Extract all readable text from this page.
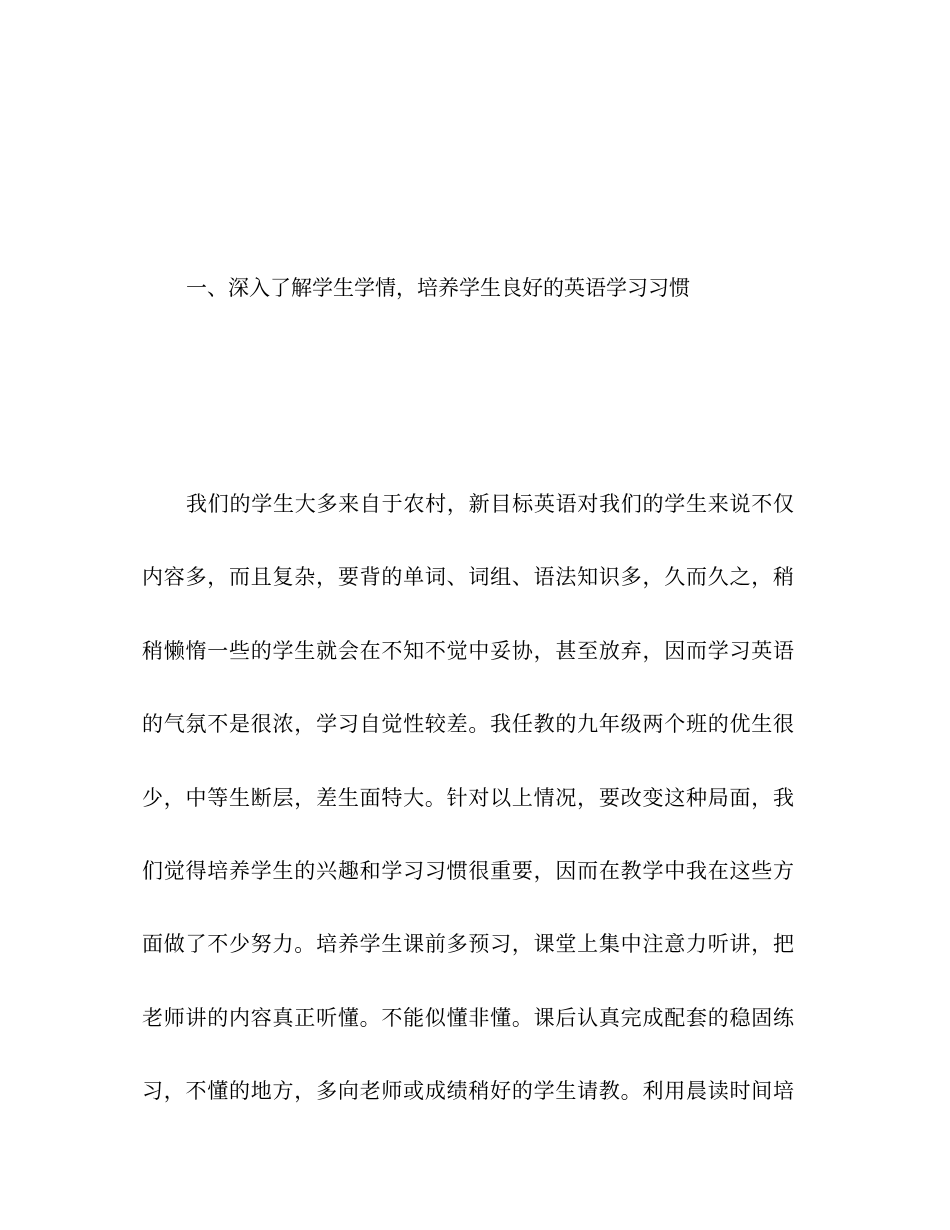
一、深入了解学生学情，培养学生良好的英语学习习惯
我们的学生大多来自于农村，新目标英语对我们的学生来说不仅
内容多，而且复杂，要背的单词、词组、语法知识多，久而久之，稍
稍懒惰一些的学生就会在不知不觉中妥协，甚至放弃，因而学习英语
的气氛不是很浓，学习自觉性较差。我任教的九年级两个班的优生很
少，中等生断层，差生面特大。针对以上情况，要改变这种局面，我
们觉得培养学生的兴趣和学习习惯很重要，因而在教学中我在这些方
面做了不少努力。培养学生课前多预习，课堂上集中注意力听讲，把
老师讲的内容真正听懂。不能似懂非懂。课后认真完成配套的稳固练
习，不懂的地方，多向老师或成绩稍好的学生请教。利用晨读时间培
